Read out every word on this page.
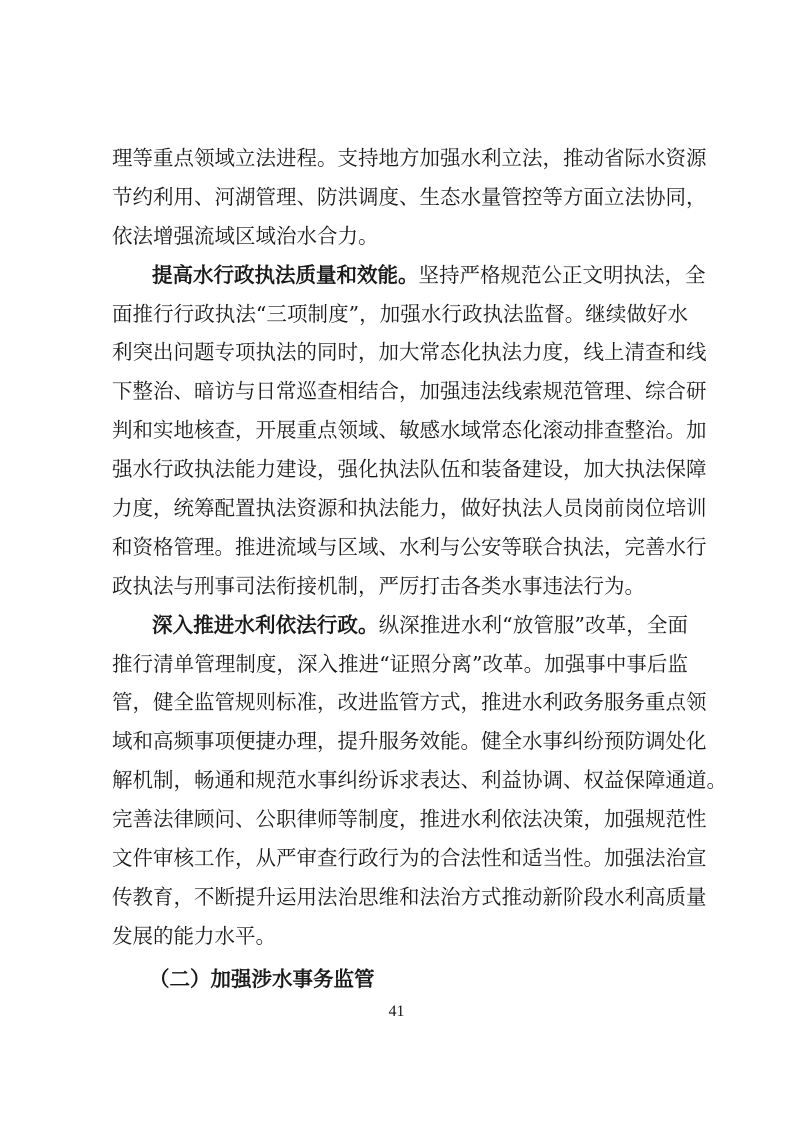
理等重点领域立法进程。支持地方加强水利立法，推动省际水资源
节约利用、河湖管理、防洪调度、生态水量管控等方面立法协同，
依法增强流域区域治水合力。
提高水行政执法质量和效能。坚持严格规范公正文明执法，全
面推行行政执法“三项制度”，加强水行政执法监督。继续做好水
利突出问题专项执法的同时，加大常态化执法力度，线上清查和线
下整治、暗访与日常巡查相结合，加强违法线索规范管理、综合研
判和实地核查，开展重点领域、敏感水域常态化滚动排查整治。加
强水行政执法能力建设，强化执法队伍和装备建设，加大执法保障
力度，统筹配置执法资源和执法能力，做好执法人员岗前岗位培训
和资格管理。推进流域与区域、水利与公安等联合执法，完善水行
政执法与刑事司法衔接机制，严厉打击各类水事违法行为。
深入推进水利依法行政。纵深推进水利“放管服”改革，全面
推行清单管理制度，深入推进“证照分离”改革。加强事中事后监
管，健全监管规则标准，改进监管方式，推进水利政务服务重点领
域和高频事项便捷办理，提升服务效能。健全水事纠纷预防调处化
解机制，畅通和规范水事纠纷诉求表达、利益协调、权益保障通道。
完善法律顾问、公职律师等制度，推进水利依法决策，加强规范性
文件审核工作，从严审查行政行为的合法性和适当性。加强法治宣
传教育，不断提升运用法治思维和法治方式推动新阶段水利高质量
发展的能力水平。
（二）加强涉水事务监管
41
